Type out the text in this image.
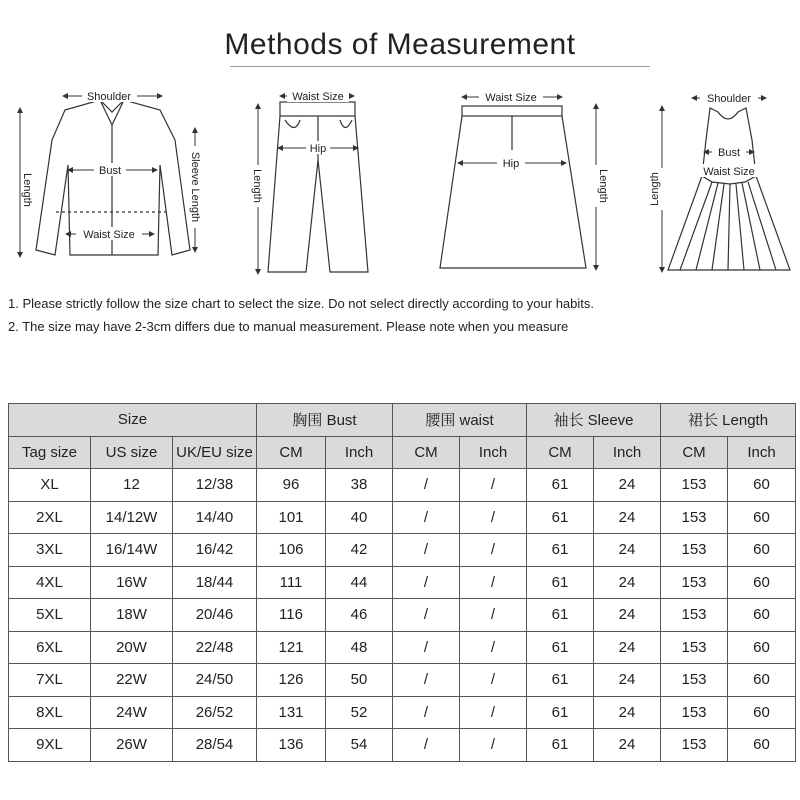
Methods of Measurement
Shoulder
Bust
Waist Size
Length	Sleeve Length
Waist Size
Hip
Length
Waist Size
Hip
Length
Shoulder
Bust
Waist Size
Length
1. Please strictly follow the size chart to select the size. Do not select directly according to your habits.
2. The size may have 2-3cm differs due to manual measurement. Please note when you measure
Size			胸围 Bust		腰围 waist		袖长 Sleeve		裙长 Length	
Tag size	US size	UK/EU size	CM	Inch	CM	Inch	CM	Inch	CM	Inch
XL	12	12/38	96	38	/	/	61	24	153	60
2XL	14/12W	14/40	101	40	/	/	61	24	153	60
3XL	16/14W	16/42	106	42	/	/	61	24	153	60
4XL	16W	18/44	111	44	/	/	61	24	153	60
5XL	18W	20/46	116	46	/	/	61	24	153	60
6XL	20W	22/48	121	48	/	/	61	24	153	60
7XL	22W	24/50	126	50	/	/	61	24	153	60
8XL	24W	26/52	131	52	/	/	61	24	153	60
9XL	26W	28/54	136	54	/	/	61	24	153	60
